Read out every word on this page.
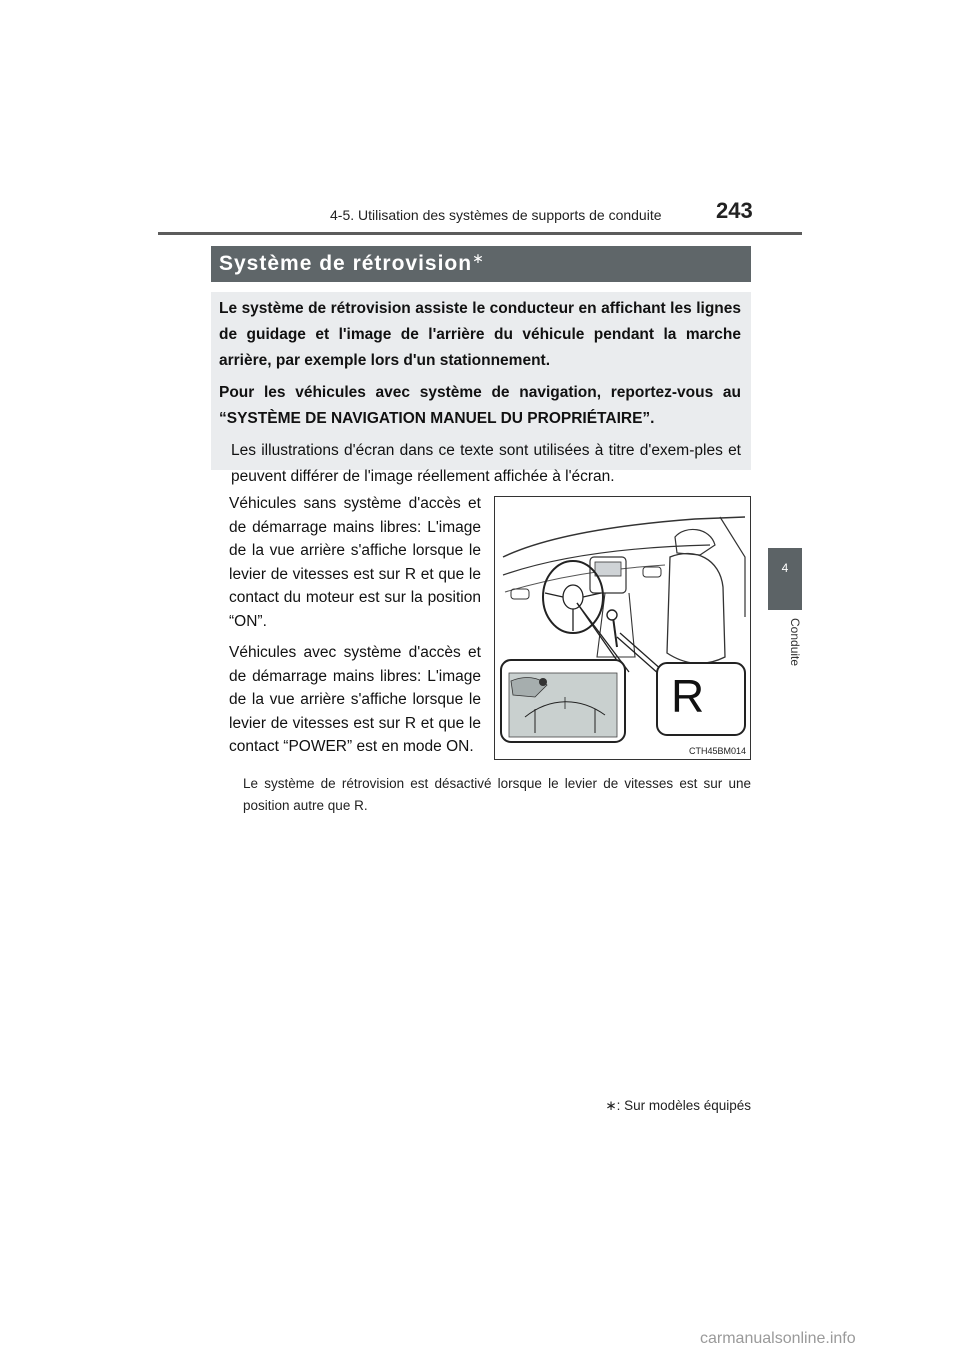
4-5. Utilisation des systèmes de supports de conduite 243
4
Conduite
Système de rétrovision∗

Le système de rétrovision assiste le conducteur en affichant les lignes de guidage et l'image de l'arrière du véhicule pendant la marche arrière, par exemple lors d'un stationnement.

Pour les véhicules avec système de navigation, reportez-vous au “SYSTÈME DE NAVIGATION MANUEL DU PROPRIÉTAIRE”.

Les illustrations d'écran dans ce texte sont utilisées à titre d'exem-ples et peuvent différer de l'image réellement affichée à l'écran.

Véhicules sans système d'accès et de démarrage mains libres: L'image de la vue arrière s'affiche lorsque le levier de vitesses est sur R et que le contact du moteur est sur la position “ON”.

Véhicules avec système d'accès et de démarrage mains libres: L'image de la vue arrière s'affiche lorsque le levier de vitesses est sur R et que le contact “POWER” est en mode ON.

R
CTH45BM014
Le système de rétrovision est désactivé lorsque le levier de vitesses est sur une position autre que R.
∗: Sur modèles équipés
carmanualsonline.info
